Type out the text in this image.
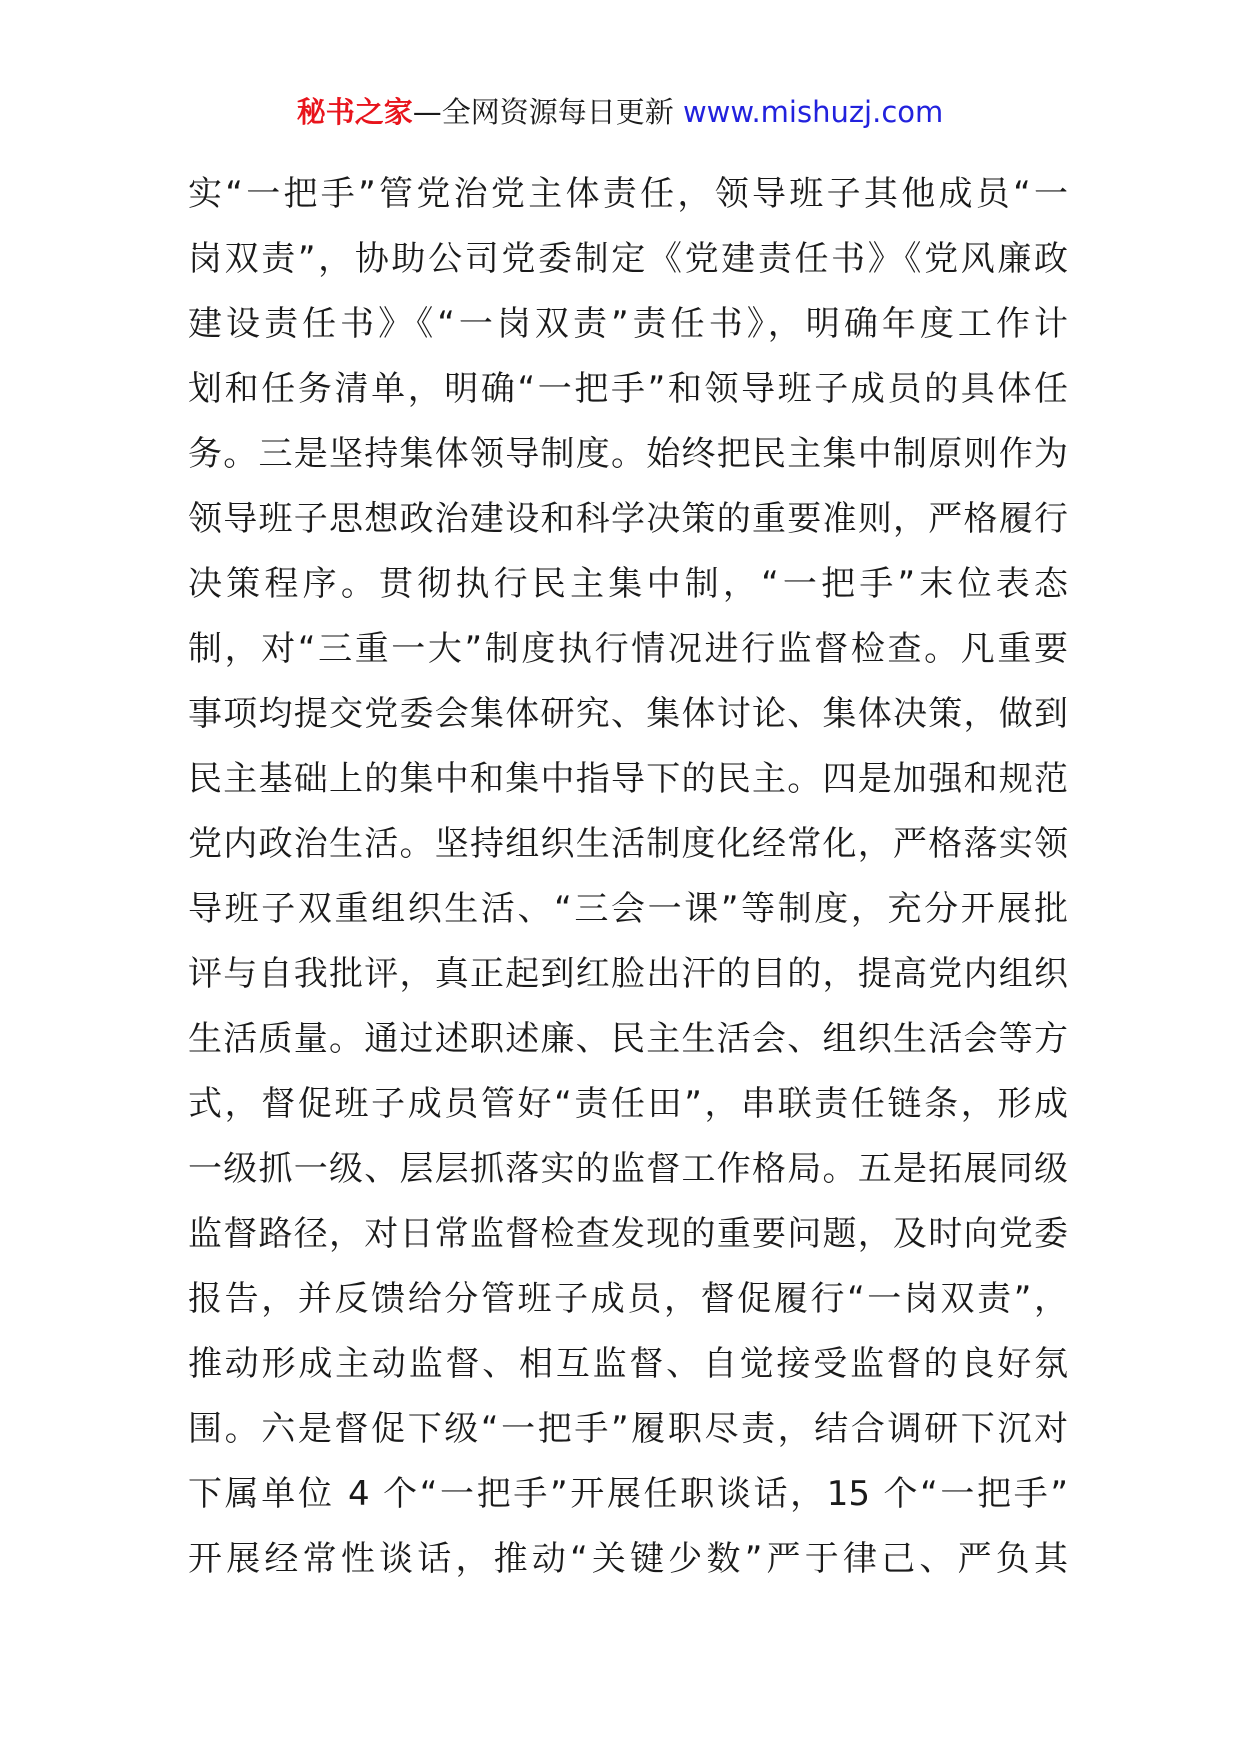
秘书之家—全网资源每日更新 www.mishuzj.com
实“一把手”管党治党主体责任，领导班子其他成员“一
岗双责”，协助公司党委制定《党建责任书》《党风廉政
建设责任书》《“一岗双责”责任书》，明确年度工作计
划和任务清单，明确“一把手”和领导班子成员的具体任
务。三是坚持集体领导制度。始终把民主集中制原则作为
领导班子思想政治建设和科学决策的重要准则，严格履行
决策程序。贯彻执行民主集中制，“一把手”末位表态
制，对“三重一大”制度执行情况进行监督检查。凡重要
事项均提交党委会集体研究、集体讨论、集体决策，做到
民主基础上的集中和集中指导下的民主。四是加强和规范
党内政治生活。坚持组织生活制度化经常化，严格落实领
导班子双重组织生活、“三会一课”等制度，充分开展批
评与自我批评，真正起到红脸出汗的目的，提高党内组织
生活质量。通过述职述廉、民主生活会、组织生活会等方
式，督促班子成员管好“责任田”，串联责任链条，形成
一级抓一级、层层抓落实的监督工作格局。五是拓展同级
监督路径，对日常监督检查发现的重要问题，及时向党委
报告，并反馈给分管班子成员，督促履行“一岗双责”，
推动形成主动监督、相互监督、自觉接受监督的良好氛
围。六是督促下级“一把手”履职尽责，结合调研下沉对
下属单位 4 个“一把手”开展任职谈话，15 个“一把手”
开展经常性谈话，推动“关键少数”严于律己、严负其
